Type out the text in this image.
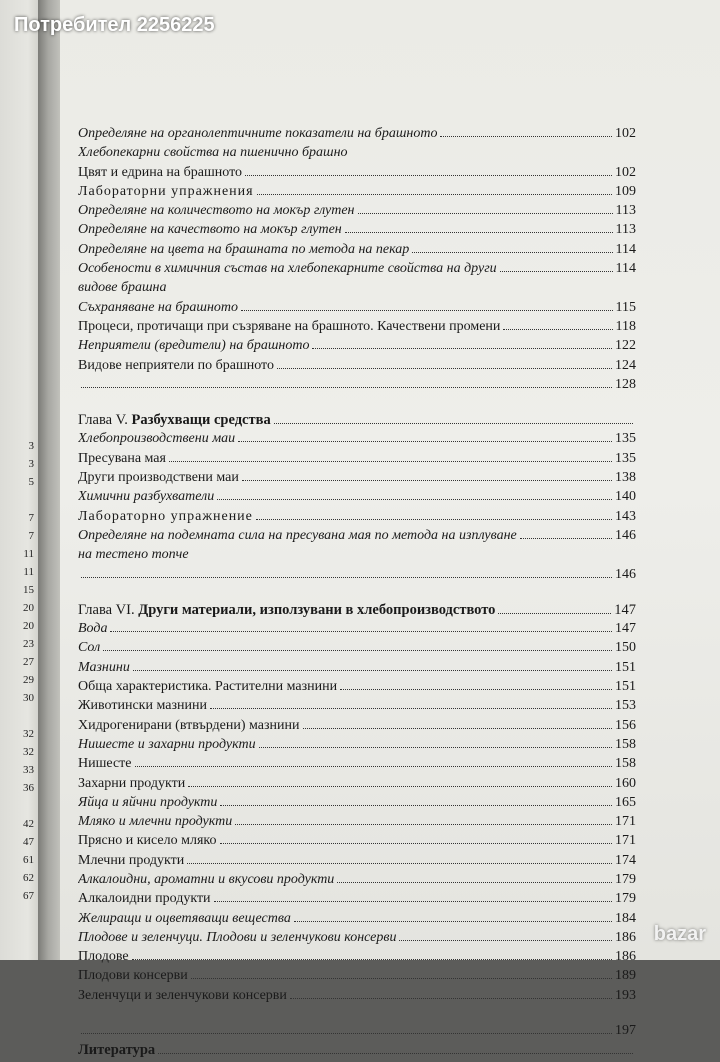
3
3
5
7
7
11
11
15
20
20
23
27
29
30
32
32
33
36
42
47
61
62
67
Определяне на органолептичните показатели на брашното	102
Хлебопекарни свойства на пшенично брашно
Цвят и едрина на брашното	102
Лабораторни упражнения	109
Определяне на количеството на мокър глутен	113
Определяне на качеството на мокър глутен	113
Определяне на цвета на брашната по метода на пекар	114
Особености в химичния състав на хлебопекарните свойства на други	114
видове брашна
Съхраняване на брашното	115
Процеси, протичащи при съзряване на брашното. Качествени промени	118
Неприятели (вредители) на брашното	122
Видове неприятели по брашното	124
128
Глава V. Разбухващи средства
Хлебопроизводствени маи	135
Пресувана мая	135
Други производствени маи	138
Химични разбухватели	140
Лабораторно упражнение	143
Определяне на подемната сила на пресувана мая по метода на изплуване	146
на тестено топче
146
Глава VI. Други материали, използувани в хлебопроизводството	147
Вода	147
Сол	150
Мазнини	151
Обща характеристика. Растителни мазнини	151
Животински мазнини	153
Хидрогенирани (втвърдени) мазнини	156
Нишесте и захарни продукти	158
Нишесте	158
Захарни продукти	160
Яйца и яйчни продукти	165
Мляко и млечни продукти	171
Прясно и кисело мляко	171
Млечни продукти	174
Алкалоидни, ароматни и вкусови продукти	179
Алкалоидни продукти	179
Желиращи и оцветяващи вещества	184
Плодове и зеленчуци. Плодови и зеленчукови консерви	186
Плодове	186
Плодови консерви	189
Зеленчуци и зеленчукови консерви	193
197
Литература
Потребител 2256225
bazar
